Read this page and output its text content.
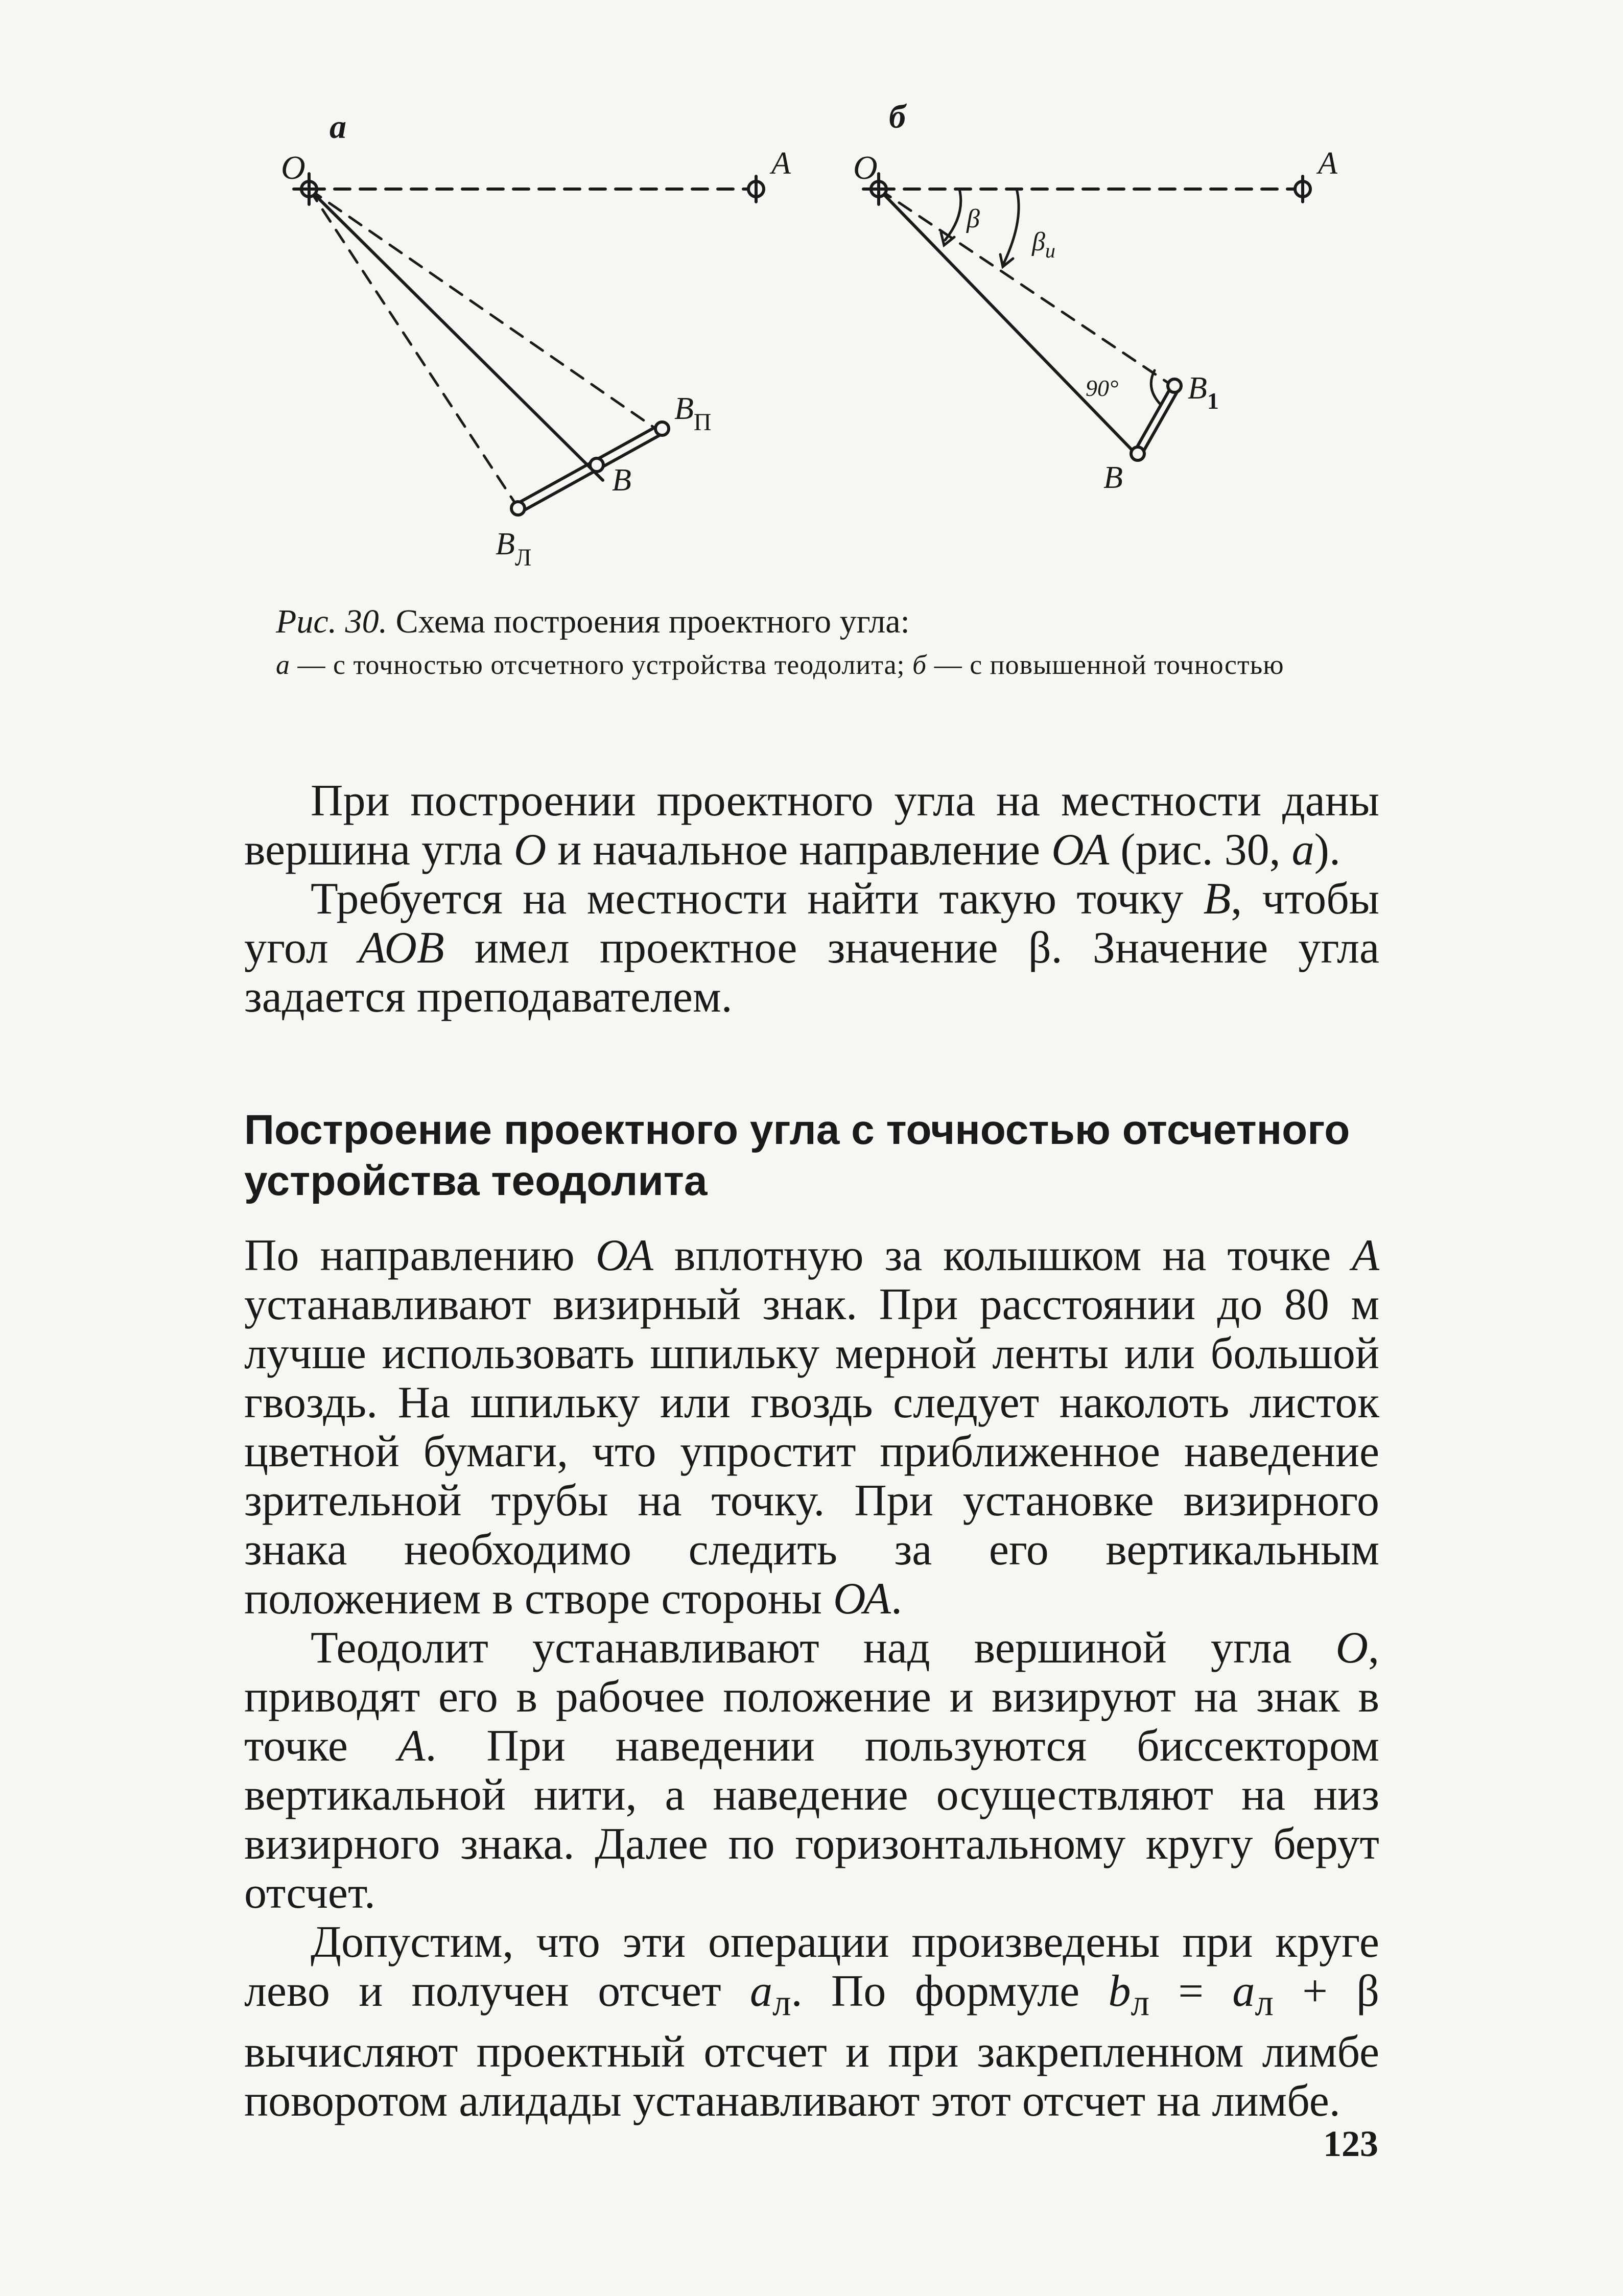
а
О	А
$В_П$
В
$В_Л$
б
О	А
β
$\beta_и$
90° $В_1$
В
Рис. 30. Схема построения проектного угла:
а — с точностью отсчетного устройства теодолита; б — с повышенной точностью

При построении проектного угла на местности даны вершина угла О и начальное направление ОА (рис. 30, а).

Требуется на местности найти такую точку В, чтобы угол АОВ имел проектное значение β. Значение угла задается преподавателем.

Построение проектного угла с точностью отсчетного устройства теодолита

По направлению ОА вплотную за колышком на точке А устанавливают визирный знак. При расстоянии до 80 м лучше использовать шпильку мерной ленты или большой гвоздь. На шпильку или гвоздь следует наколоть листок цветной бумаги, что упростит приближенное наведение зрительной трубы на точку. При установке визирного знака необходимо следить за его вертикальным положением в створе стороны ОА.

Теодолит устанавливают над вершиной угла О, приводят его в рабочее положение и визируют на знак в точке А. При наведении пользуются биссектором вертикальной нити, а наведение осуществляют на низ визирного знака. Далее по горизонтальному кругу берут отсчет.

Допустим, что эти операции произведены при круге лево и получен отсчет $а_л$. По формуле $b_л = а_л + \beta$ вычисляют проектный отсчет и при закрепленном лимбе поворотом алидады устанавливают этот отсчет на лимбе.

123
